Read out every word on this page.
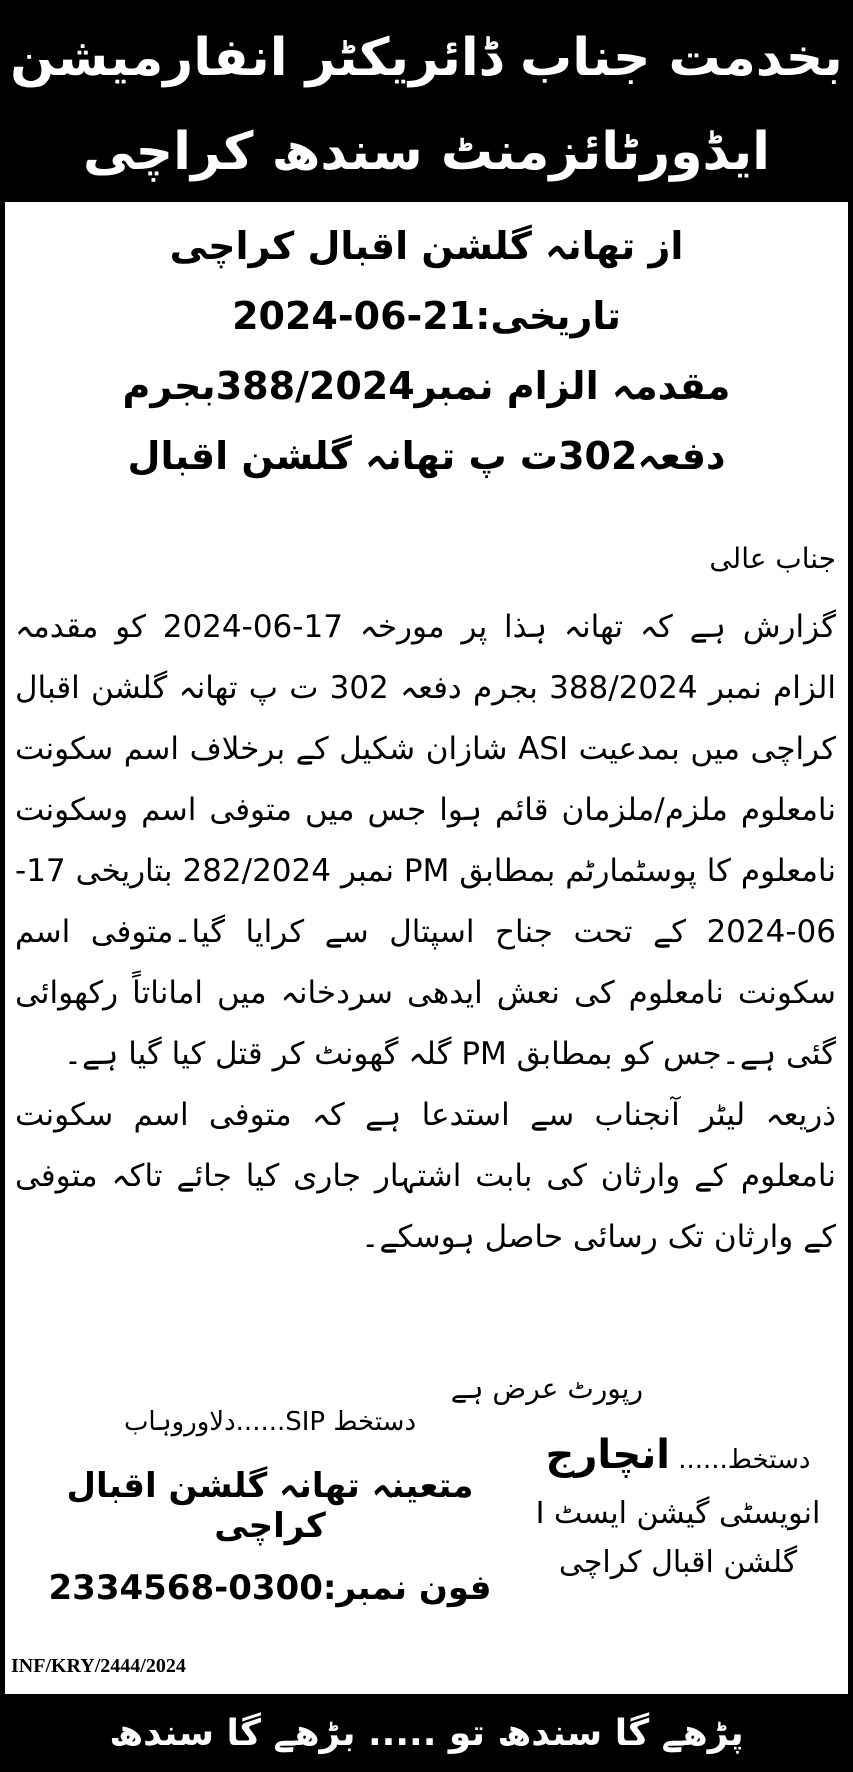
بخدمت جناب ڈائریکٹر انفارمیشن
ایڈورٹائزمنٹ سندھ کراچی
از تھانہ گلشن اقبال کراچی
تاریخی:21-06-2024
مقدمہ الزام نمبر388/2024بجرم
دفعہ302ت پ تھانہ گلشن اقبال
جناب عالی

گزارش ہے کہ تھانہ ہذا پر مورخہ 17-06-2024 کو مقدمہ الزام نمبر 388/2024 بجرم دفعہ 302 ت پ تھانہ گلشن اقبال کراچی میں بمدعیت ASI شازان شکیل کے برخلاف اسم سکونت نامعلوم ملزم/ملزمان قائم ہوا جس میں متوفی اسم وسکونت نامعلوم کا پوسٹمارٹم بمطابق PM نمبر 282/2024 بتاریخی 17-06-2024 کے تحت جناح اسپتال سے کرایا گیا۔متوفی اسم سکونت نامعلوم کی نعش ایدھی سردخانہ میں اماناتاً رکھوائی گئی ہے۔جس کو بمطابق PM گلہ گھونٹ کر قتل کیا گیا ہے۔

ذریعہ لیٹر آنجناب سے استدعا ہے کہ متوفی اسم سکونت نامعلوم کے وارثان کی بابت اشتہار جاری کیا جائے تاکہ متوفی کے وارثان تک رسائی حاصل ہوسکے۔

رپورٹ عرض ہے
دستخط...... انچارج
انویسٹی گیشن ایسٹ I
گلشن اقبال کراچی
دستخط SIP......دلاوروہاب
متعینہ تھانہ گلشن اقبال کراچی
فون نمبر:0300-2334568
INF/KRY/2444/2024
پڑھے گا سندھ تو ..... بڑھے گا سندھ
